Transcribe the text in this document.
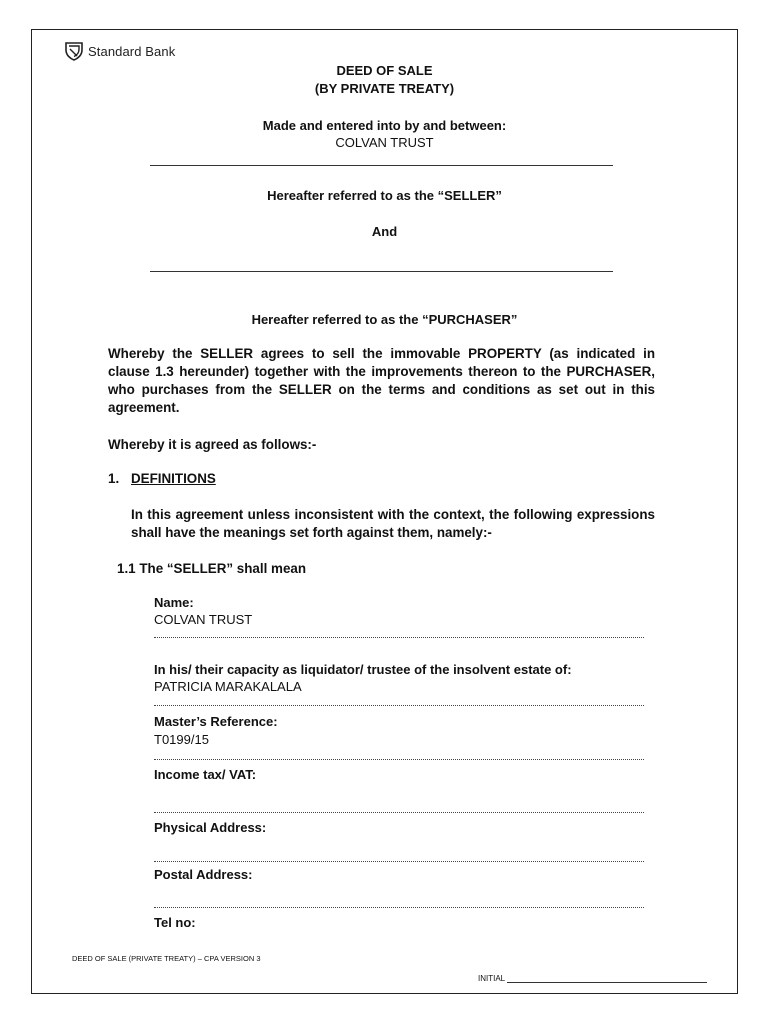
Standard Bank
DEED OF SALE
(BY PRIVATE TREATY)
Made and entered into by and between:
COLVAN TRUST
Hereafter referred to as the “SELLER”
And
Hereafter referred to as the “PURCHASER”
Whereby the SELLER agrees to sell the immovable PROPERTY (as indicated in clause 1.3 hereunder) together with the improvements thereon to the PURCHASER, who purchases from the SELLER on the terms and conditions as set out in this agreement.
Whereby it is agreed as follows:-
1. DEFINITIONS
In this agreement unless inconsistent with the context, the following expressions shall have the meanings set forth against them, namely:-
1.1 The “SELLER” shall mean
Name:
COLVAN TRUST
In his/ their capacity as liquidator/ trustee of the insolvent estate of:
PATRICIA MARAKALALA
Master’s Reference:
T0199/15
Income tax/ VAT:
Physical Address:
Postal Address:
Tel no:
DEED OF SALE (PRIVATE TREATY) – CPA VERSION 3
INITIAL
